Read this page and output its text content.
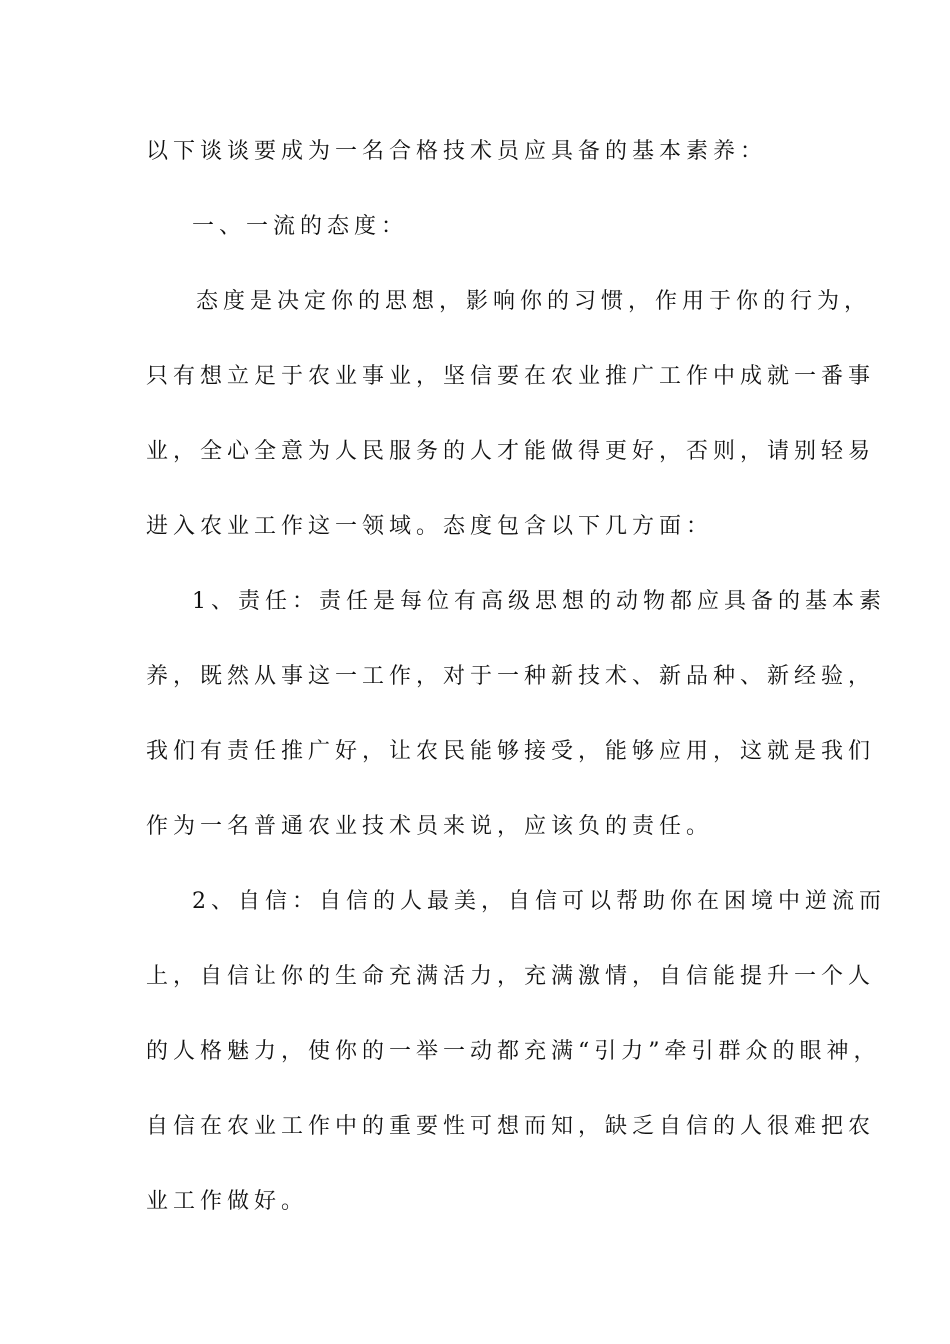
以下谈谈要成为一名合格技术员应具备的基本素养：
一、一流的态度：
态度是决定你的思想，影响你的习惯，作用于你的行为，
只有想立足于农业事业，坚信要在农业推广工作中成就一番事
业，全心全意为人民服务的人才能做得更好，否则，请别轻易
进入农业工作这一领域。态度包含以下几方面：
1、责任：责任是每位有高级思想的动物都应具备的基本素
养，既然从事这一工作，对于一种新技术、新品种、新经验，
我们有责任推广好，让农民能够接受，能够应用，这就是我们
作为一名普通农业技术员来说，应该负的责任。
2、自信：自信的人最美，自信可以帮助你在困境中逆流而
上，自信让你的生命充满活力，充满激情，自信能提升一个人
的人格魅力，使你的一举一动都充满“引力”牵引群众的眼神，
自信在农业工作中的重要性可想而知，缺乏自信的人很难把农
业工作做好。
